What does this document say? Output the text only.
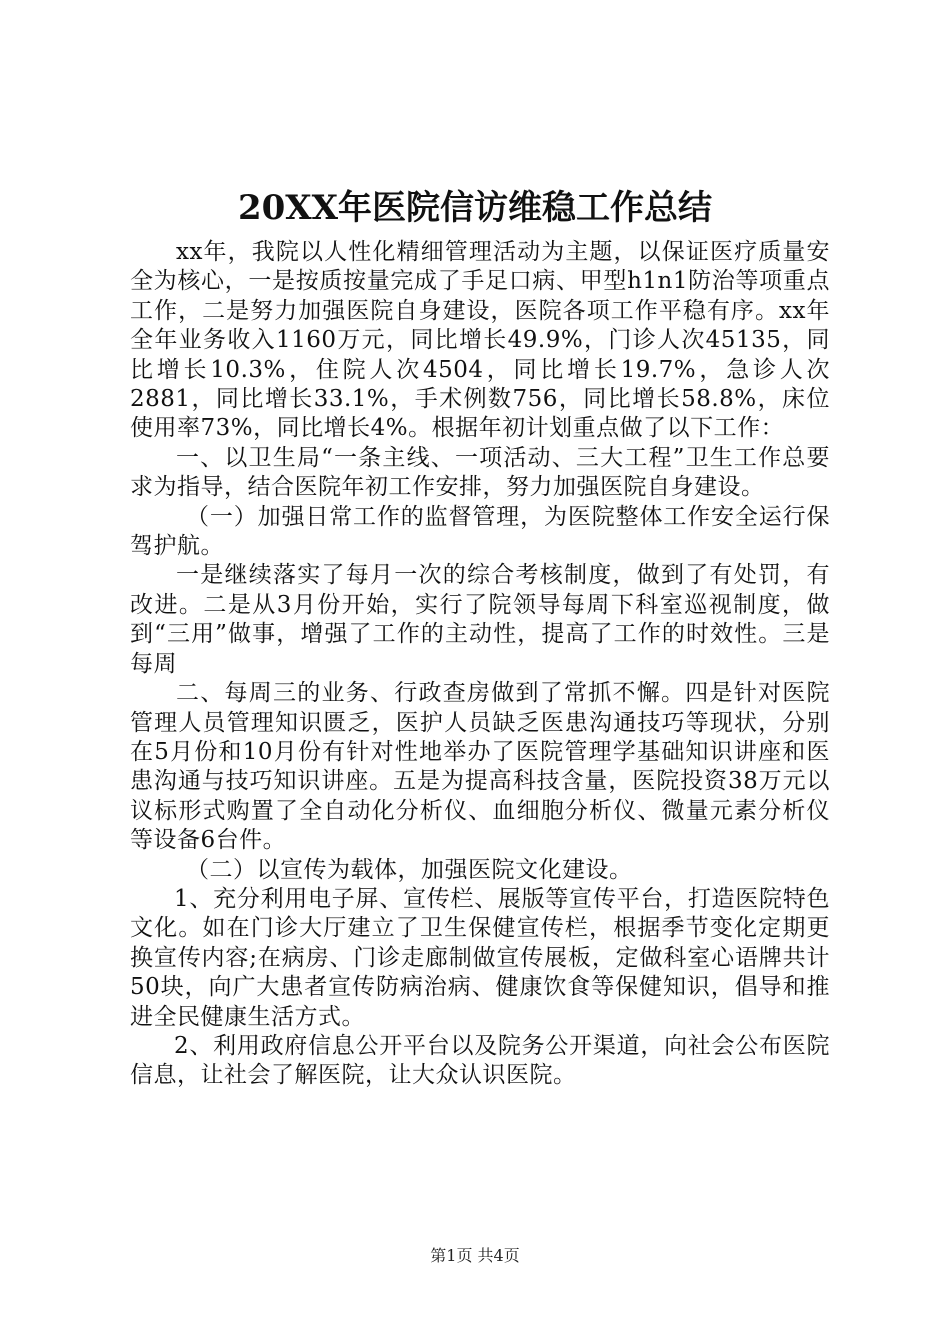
20XX年医院信访维稳工作总结

xx年，我院以人性化精细管理活动为主题，以保证医疗质量安全为核心，一是按质按量完成了手足口病、甲型h1n1防治等项重点工作，二是努力加强医院自身建设，医院各项工作平稳有序。xx年全年业务收入1160万元，同比增长49.9%，门诊人次45135，同比增长10.3%，住院人次4504，同比增长19.7%，急诊人次2881，同比增长33.1%，手术例数756，同比增长58.8%，床位使用率73%，同比增长4%。根据年初计划重点做了以下工作：

一、以卫生局“一条主线、一项活动、三大工程”卫生工作总要求为指导，结合医院年初工作安排，努力加强医院自身建设。

（一）加强日常工作的监督管理，为医院整体工作安全运行保驾护航。

一是继续落实了每月一次的综合考核制度，做到了有处罚，有改进。二是从3月份开始，实行了院领导每周下科室巡视制度，做到“三用”做事，增强了工作的主动性，提高了工作的时效性。三是每周

二、每周三的业务、行政查房做到了常抓不懈。四是针对医院管理人员管理知识匮乏，医护人员缺乏医患沟通技巧等现状，分别在5月份和10月份有针对性地举办了医院管理学基础知识讲座和医患沟通与技巧知识讲座。五是为提高科技含量，医院投资38万元以议标形式购置了全自动化分析仪、血细胞分析仪、微量元素分析仪等设备6台件。

（二）以宣传为载体，加强医院文化建设。

1、充分利用电子屏、宣传栏、展版等宣传平台，打造医院特色文化。如在门诊大厅建立了卫生保健宣传栏，根据季节变化定期更换宣传内容;在病房、门诊走廊制做宣传展板，定做科室心语牌共计50块，向广大患者宣传防病治病、健康饮食等保健知识，倡导和推进全民健康生活方式。

2、利用政府信息公开平台以及院务公开渠道，向社会公布医院信息，让社会了解医院，让大众认识医院。

第1页 共4页
